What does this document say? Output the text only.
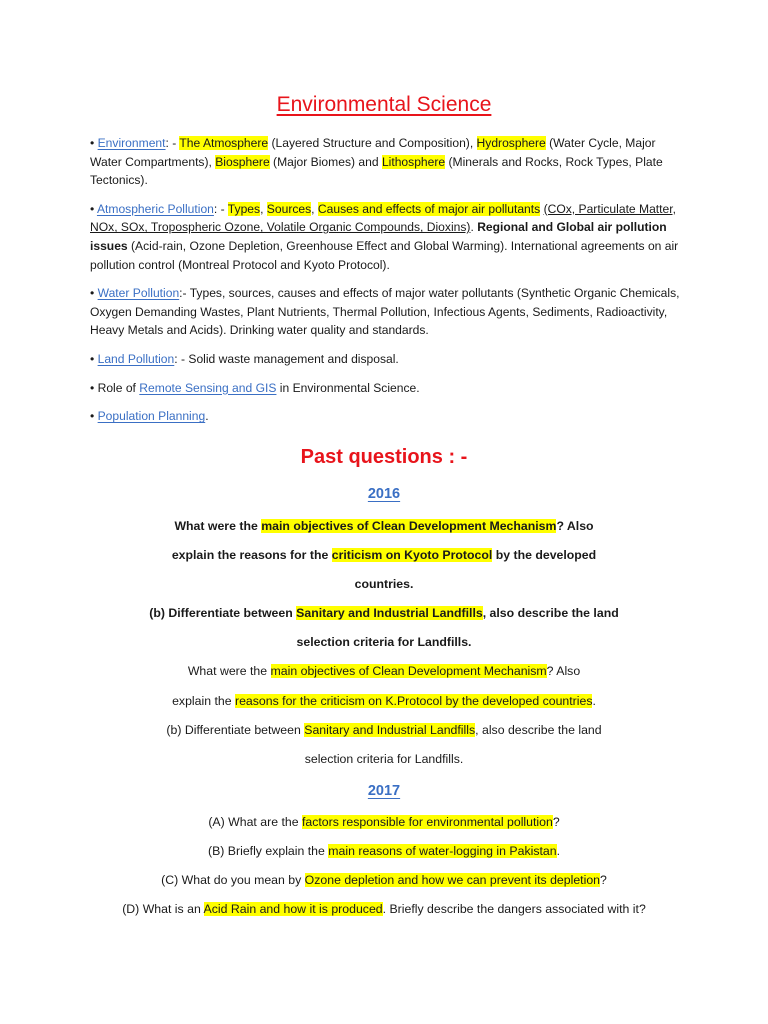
Environmental Science

• Environment: - The Atmosphere (Layered Structure and Composition), Hydrosphere (Water Cycle, Major Water Compartments), Biosphere (Major Biomes) and Lithosphere (Minerals and Rocks, Rock Types, Plate Tectonics).

• Atmospheric Pollution: - Types, Sources, Causes and effects of major air pollutants (COx, Particulate Matter, NOx, SOx, Tropospheric Ozone, Volatile Organic Compounds, Dioxins). Regional and Global air pollution issues (Acid-rain, Ozone Depletion, Greenhouse Effect and Global Warming). International agreements on air pollution control (Montreal Protocol and Kyoto Protocol).

• Water Pollution:- Types, sources, causes and effects of major water pollutants (Synthetic Organic Chemicals, Oxygen Demanding Wastes, Plant Nutrients, Thermal Pollution, Infectious Agents, Sediments, Radioactivity, Heavy Metals and Acids). Drinking water quality and standards.

• Land Pollution: - Solid waste management and disposal.

• Role of Remote Sensing and GIS in Environmental Science.

• Population Planning.

Past questions : -
2016
What were the main objectives of Clean Development Mechanism? Also
explain the reasons for the criticism on Kyoto Protocol by the developed
countries.
(b) Differentiate between Sanitary and Industrial Landfills, also describe the land
selection criteria for Landfills.
What were the main objectives of Clean Development Mechanism? Also
explain the reasons for the criticism on K.Protocol by the developed countries.
(b) Differentiate between Sanitary and Industrial Landfills, also describe the land
selection criteria for Landfills.
2017
(A) What are the factors responsible for environmental pollution?
(B) Briefly explain the main reasons of water-logging in Pakistan.
(C) What do you mean by Ozone depletion and how we can prevent its depletion?
(D) What is an Acid Rain and how it is produced. Briefly describe the dangers associated with it?
